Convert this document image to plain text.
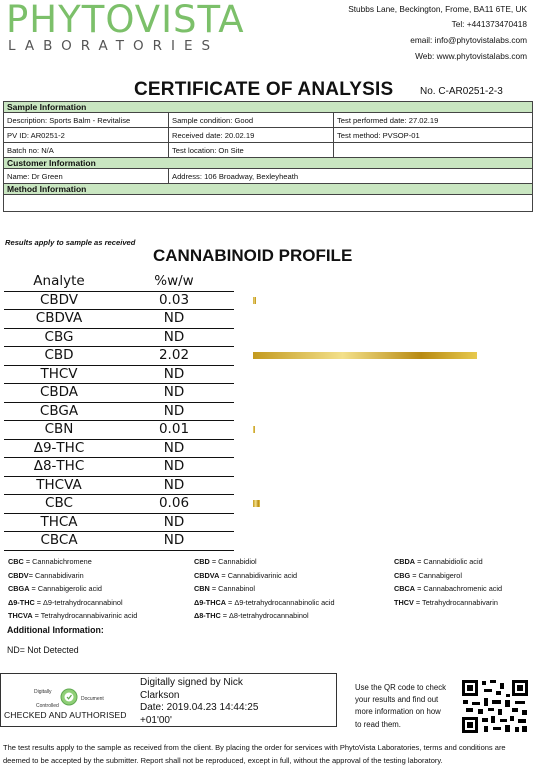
PHYTOVISTA
LABORATORIES
Stubbs Lane, Beckington, Frome, BA11 6TE, UK
Tel: +441373470418
email: info@phytovistalabs.com
Web: www.phytovistalabs.com
CERTIFICATE OF ANALYSIS	No. C-AR0251-2-3
Sample Information		
Description: Sports Balm - Revitalise	Sample condition: Good	Test performed date: 27.02.19
PV ID: AR0251-2	Received date: 20.02.19	Test method: PVSOP-01
Batch no: N/A	Test location: On Site	
Customer Information		
Name: Dr Green	Address: 106 Broadway, Bexleyheath	
Method Information		

Results apply to sample as received
CANNABINOID PROFILE
Analyte	%w/w
CBDV	0.03
CBDVA	ND
CBG	ND
CBD	2.02
THCV	ND
CBDA	ND
CBGA	ND
CBN	0.01
Δ9-THC	ND
Δ8-THC	ND
THCVA	ND
CBC	0.06
THCA	ND
CBCA	ND
CBC = Cannabichromene
CBDV= Cannabidivarin
CBGA = Cannabigerolic acid
Δ9-THC = Δ9-tetrahydrocannabinol
THCVA = Tetrahydrocannabivarinic acid
CBD = Cannabidiol
CBDVA = Cannabidivarinic acid
CBN = Cannabinol
Δ9-THCA = Δ9-tetrahydrocannabinolic acid
Δ8-THC = Δ8-tetrahydrocannabinol
CBDA = Cannabidiolic acid
CBG = Cannabigerol
CBCA = Cannabachromenic acid
THCV = Tetrahydrocannabivarin
Additional Information:
ND= Not Detected
Digitally
Controlled
Document
CHECKED AND AUTHORISED
Digitally signed by Nick
Clarkson
Date: 2019.04.23 14:44:25
+01'00'
Use the QR code to check
your results and find out
more information on how
to read them.
The test results apply to the sample as received from the client. By placing the order for services with PhytoVista Laboratories, terms and conditions are deemed to be accepted by the submitter. Report shall not be reproduced, except in full, without the approval of the testing laboratory.
